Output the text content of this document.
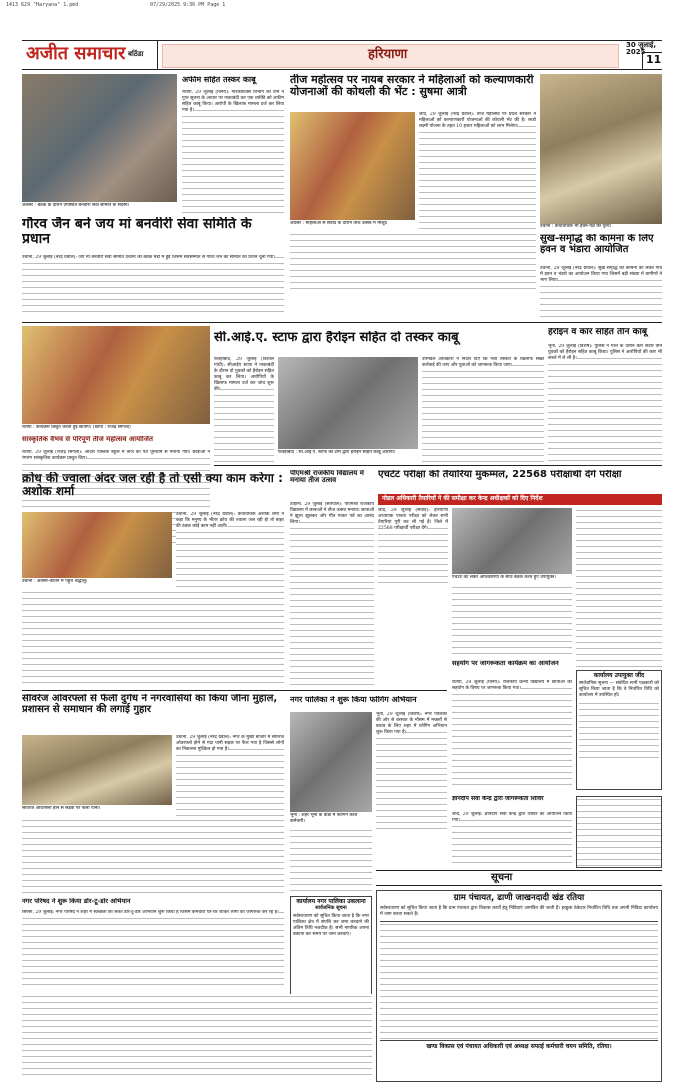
1413 629 "Haryana" 1.pmd	07/29/2025 9:36 PM Page 1
अजीत समाचार बठिंडा	हरियाणा
30 जुलाई, 2025
11
अवसर : बैठक के दौरान उपस्थित बनवीरी सेवा समिति के सदस्य।
गौरव जैन बने जय मां बनवीरी सेवा समिति के प्रधान
उचाना, 29 जुलाई (नरेंद्र ग्रेवाल): जय मां बनवीरी सेवा समिति उचाना की बैठक मंडी में हुई जिसमें सर्वसम्मति से गौरव जैन को समिति का प्रधान चुना गया।
अफीम सहित तस्कर काबू
रतिया, 29 जुलाई (विनय): नारकोटिक्स विभाग की टीम ने गुप्त सूचना के आधार पर नाकाबंदी कर एक व्यक्ति को अफीम सहित काबू किया। आरोपी के खिलाफ मामला दर्ज कर लिया गया है।
तीज महोत्सव पर नायब सरकार ने महिलाओं को कल्याणकारी योजनाओं की कोथली की भेंट : सुषमा आत्री
अवसर : महिलाओं से संवाद के दौरान तीज उत्सव में मौजूद
जींद, 29 जुलाई (नरेंद्र ग्रेवाल): तीज महोत्सव पर प्रदेश सरकार ने महिलाओं को कल्याणकारी योजनाओं की कोथली भेंट की है। लाडो लक्ष्मी योजना के तहत 10 हजार महिलाओं को लाभ मिलेगा।
उचाना : कथावाचक भी हवन-यज्ञ का दृश्य।
सुख-समृद्धि की कामना के लिए हवन व भंडारा आयोजित
उचाना, 29 जुलाई (नरेंद्र ग्रेवाल): सुख समृद्धि की कामना को लेकर गांव में हवन व भंडारे का आयोजन किया गया जिसमें बड़ी संख्या में ग्रामीणों ने भाग लिया।
रतिया : कार्यक्रम प्रस्तुत करती हुई छात्राएं। (छाया : राजेंद्र सिंगला)
सांस्कृतिक वैभव से परिपूर्ण तीज महोत्सव आयोजित
रतिया, 29 जुलाई (राजेंद्र सिंगला): आदर्श पब्लिक स्कूल में तीज का पर्व धूमधाम से मनाया गया। छात्राओं ने रंगारंग सांस्कृतिक कार्यक्रम प्रस्तुत किए।
सी.आई.ए. स्टाफ द्वारा हैरोइन सहित दो तस्कर काबू
फतेहाबाद, 29 जुलाई (विशाल गांधी): सीआईए स्टाफ ने नाकाबंदी के दौरान दो युवकों को हैरोइन सहित काबू कर लिया। आरोपियों के खिलाफ मामला दर्ज कर जांच शुरू की।
फतेहाबाद : सी.आई.ए. स्टाफ की टीम द्वारा हेरोइन सहित काबू आरोपी।
उपमंडल अधिकारी ने निर्देश दिए कि नशा तस्करों के खिलाफ सख्त कार्रवाई की जाए और युवाओं को जागरूक किया जाए।
हैरोइन व कार सहित तीन काबू
भूना, 29 जुलाई (विशेष): पुलिस ने गश्त के दौरान कार सवार तीन युवकों को हैरोइन सहित काबू किया। पुलिस ने आरोपियों की कार भी कब्जे में ले ली है।
क्रोध की ज्वाला अंदर जल रही है तो एसी क्या काम करेगा : अशोक शर्मा
उचाना : अवसर-कीर्तन में पहुंचे श्रद्धालु।
उचाना, 29 जुलाई (नरेंद्र ग्रेवाल): कथावाचक अशोक शर्मा ने कहा कि मनुष्य के भीतर क्रोध की ज्वाला जल रही हो तो बाहर की ठंडक कोई काम नहीं आती।
पीएमश्री राजकीय विद्यालय में मनाया तीज उत्सव
टोहाना, 29 जुलाई (सतपाल): पीएमश्री राजकीय विद्यालय में छात्राओं ने तीज उत्सव मनाया। छात्राओं ने झूला झूलकर और गीत गाकर पर्व का आनंद लिया।
एचटेट परीक्षा की तैयारियां मुकम्मल, 22568 परीक्षार्थी देंगे परीक्षा
नोडल अधिकारी तैयारियों ने की समीक्षा कर केन्द्र अधीक्षकों को दिए निर्देश
जींद, 29 जुलाई (संवाद): हरियाणा अध्यापक पात्रता परीक्षा को लेकर सभी तैयारियां पूरी कर ली गई हैं। जिले में 22568 परीक्षार्थी परीक्षा देंगे।
एचटेट को लेकर अधिकारियों के साथ बैठक करते हुए उपायुक्त।
कार्यालय उपायुक्त जींद
सार्वजनिक सूचना — संबंधित सभी पक्षकारों को सूचित किया जाता है कि वे निर्धारित तिथि को कार्यालय में उपस्थित हों।
सहयोग पर जागरूकता कार्यक्रम का आयोजन
रतिया, 29 जुलाई (विनय): राजकीय कन्या विद्यालय में छात्राओं को सहयोग के विषय पर जागरूक किया गया।
सीवरेज ओवरफ्लो से फैली दुर्गंध ने नगरवासियों का किया जीना मुहाल, प्रशासन से समाधान की लगाई गुहार
सीवरेज ओवरफ्लो होने से सड़क पर फैला पानी।
उचाना, 29 जुलाई (नरेंद्र ग्रेवाल): नगर के मुख्य बाजार में सीवरेज ओवरफ्लो होने से गंदा पानी सड़क पर फैल गया है जिससे लोगों का निकलना मुश्किल हो गया है।
नगर पालिका ने शुरू किया फोगिंग अभियान
भूना : शहर भूना के वार्डों में फोगिंग करते कर्मचारी।
भूना, 29 जुलाई (विशेष): नगर पालिका की ओर से बरसात के मौसम में मच्छरों से बचाव के लिए शहर में फोगिंग अभियान शुरू किया गया है।
ज्ञानदीप सेवा केन्द्र द्वारा जागरूकता शिविर
जींद, 29 जुलाई: ज्ञानदीप सेवा केन्द्र द्वारा शिविर का आयोजन किया गया।
नगर परिषद ने शुरू किया डोर-टू-डोर अभियान
सिरसा, 29 जुलाई: नगर परिषद ने शहर में स्वच्छता को लेकर डोर-टू-डोर अभियान शुरू किया है जिसमें कर्मचारी घर-घर जाकर लोगों को जागरूक कर रहे हैं।
सूचना
कार्यालय नगर पालिका उकलाना
सार्वजनिक सूचना
सर्वसाधारण को सूचित किया जाता है कि नगर पालिका क्षेत्र में संपत्ति कर जमा करवाने की अंतिम तिथि नजदीक है। सभी नागरिक अपना बकाया कर समय पर जमा करवाएं।
ग्राम पंचायत, ढाणी जाखनदादी खंड रतिया
सर्वसाधारण को सूचित किया जाता है कि ग्राम पंचायत द्वारा विकास कार्यों हेतु निविदाएं आमंत्रित की जाती हैं। इच्छुक ठेकेदार निर्धारित तिथि तक अपनी निविदा कार्यालय में जमा करवा सकते हैं।
खण्ड विकास एवं पंचायत अधिकारी एवं अध्यक्ष सफाई कर्मचारी चयन समिति, रतिया।
